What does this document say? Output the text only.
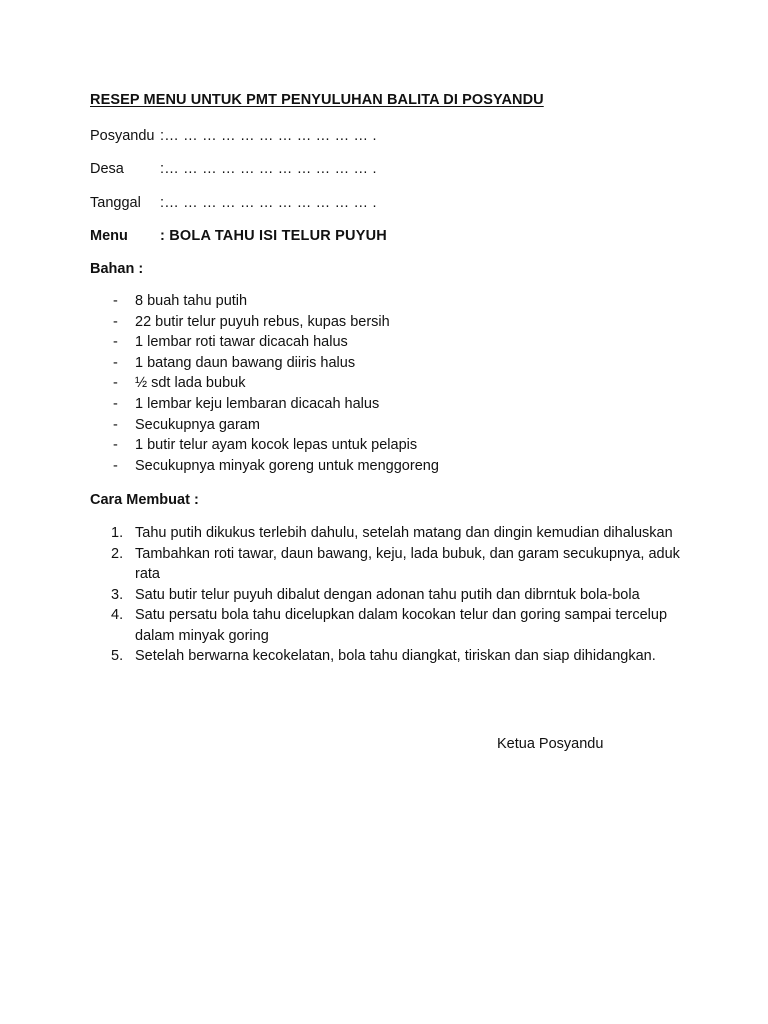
RESEP MENU UNTUK PMT PENYULUHAN BALITA DI POSYANDU
Posyandu :… … … … … … … … … … … .
Desa :… … … … … … … … … … … .
Tanggal :… … … … … … … … … … … .
Menu : BOLA TAHU ISI TELUR PUYUH
Bahan :
- 8 buah tahu putih
- 22 butir telur puyuh rebus, kupas bersih
- 1 lembar roti tawar dicacah halus
- 1 batang daun bawang diiris halus
- ½ sdt lada bubuk
- 1 lembar keju lembaran dicacah halus
- Secukupnya garam
- 1 butir telur ayam kocok lepas untuk pelapis
- Secukupnya minyak goreng untuk menggoreng
Cara Membuat :
1. Tahu putih dikukus terlebih dahulu, setelah matang dan dingin kemudian dihaluskan
2. Tambahkan roti tawar, daun bawang, keju, lada bubuk, dan garam secukupnya, aduk rata
3. Satu butir telur puyuh dibalut dengan adonan tahu putih dan dibrntuk bola-bola
4. Satu persatu bola tahu dicelupkan dalam kocokan telur dan goring sampai tercelup dalam minyak goring
5. Setelah berwarna kecokelatan, bola tahu diangkat, tiriskan dan siap dihidangkan.
Ketua Posyandu
